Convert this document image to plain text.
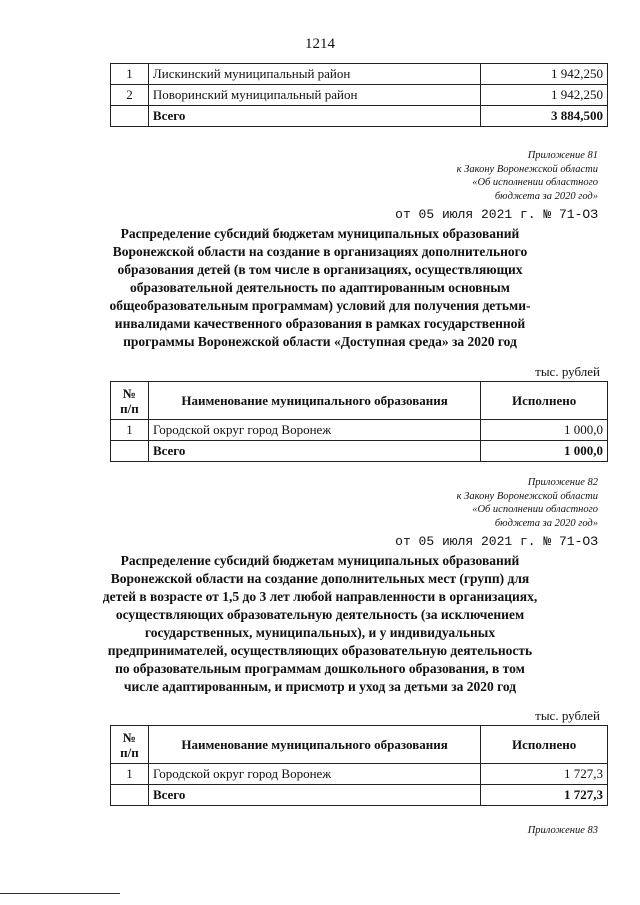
1214
1	Лискинский муниципальный район	1 942,250
2	Поворинский муниципальный район	1 942,250
	Всего	3 884,500
Приложение 81
к Закону Воронежской области
«Об исполнении областного
бюджета за 2020 год»
от 05 июля 2021 г. № 71-ОЗ
Распределение субсидий бюджетам муниципальных образований
Воронежской области на создание в организациях дополнительного
образования детей (в том числе в организациях, осуществляющих
образовательной деятельность по адаптированным основным
общеобразовательным программам) условий для получения детьми-
инвалидами качественного образования в рамках государственной
программы Воронежской области «Доступная среда» за 2020 год
тыс. рублей
№
п/п	Наименование муниципального образования	Исполнено
1	Городской округ город Воронеж	1 000,0
	Всего	1 000,0
Приложение 82
к Закону Воронежской области
«Об исполнении областного
бюджета за 2020 год»
от 05 июля 2021 г. № 71-ОЗ
Распределение субсидий бюджетам муниципальных образований
Воронежской области на создание дополнительных мест (групп) для
детей в возрасте от 1,5 до 3 лет любой направленности в организациях,
осуществляющих образовательную деятельность (за исключением
государственных, муниципальных), и у индивидуальных
предпринимателей, осуществляющих образовательную деятельность
по образовательным программам дошкольного образования, в том
числе адаптированным, и присмотр и уход за детьми за 2020 год
тыс. рублей
№
п/п	Наименование муниципального образования	Исполнено
1	Городской округ город Воронеж	1 727,3
	Всего	1 727,3
Приложение 83
